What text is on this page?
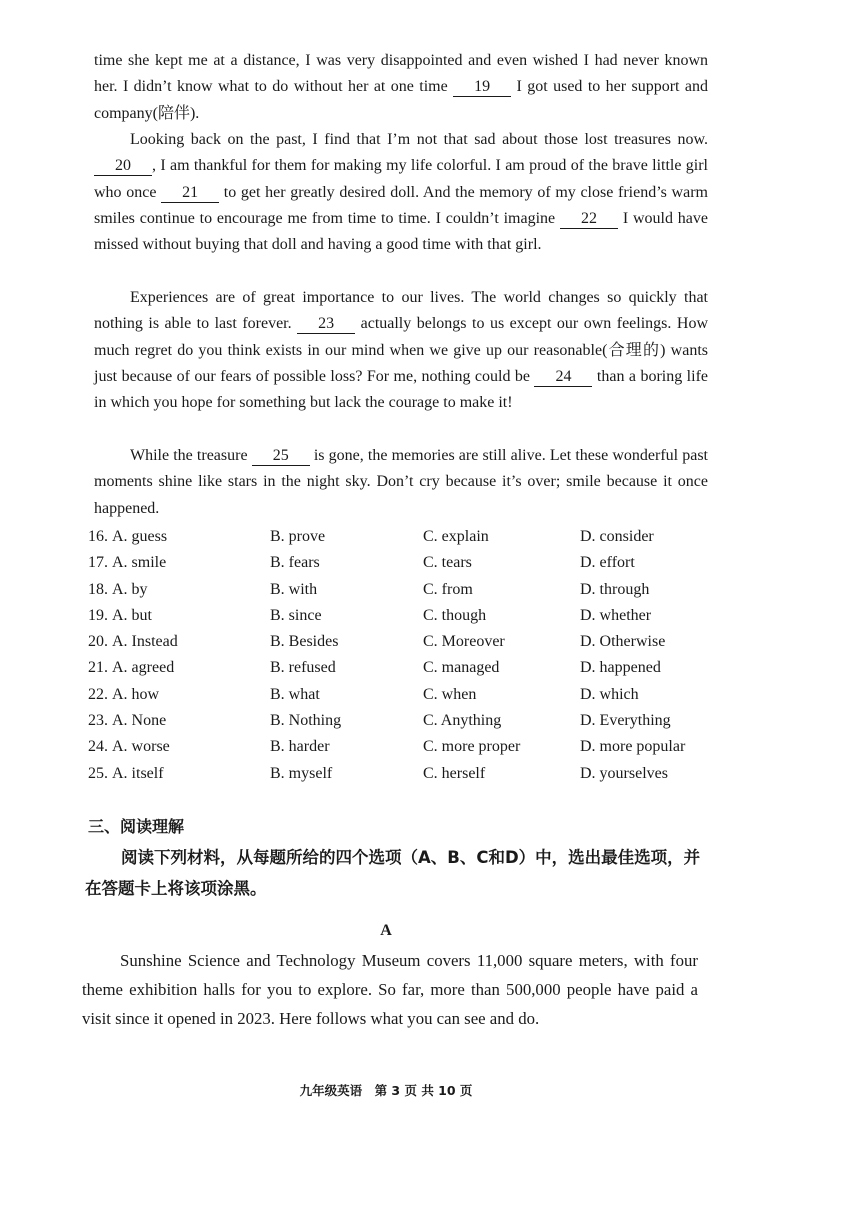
time she kept me at a distance, I was very disappointed and even wished I had never known her. I didn’t know what to do without her at one time 19 I got used to her support and company(陪伴).
Looking back on the past, I find that I’m not that sad about those lost treasures now. 20 , I am thankful for them for making my life colorful. I am proud of the brave little girl who once 21 to get her greatly desired doll. And the memory of my close friend’s warm smiles continue to encourage me from time to time. I couldn’t imagine 22 I would have missed without buying that doll and having a good time with that girl.
Experiences are of great importance to our lives. The world changes so quickly that nothing is able to last forever. 23 actually belongs to us except our own feelings. How much regret do you think exists in our mind when we give up our reasonable(合理的) wants just because of our fears of possible loss? For me, nothing could be 24 than a boring life in which you hope for something but lack the courage to make it!
While the treasure 25 is gone, the memories are still alive. Let these wonderful past moments shine like stars in the night sky. Don’t cry because it’s over; smile because it once happened.
16. A. guess	B. prove	C. explain	D. consider
17. A. smile	B. fears	C. tears	D. effort
18. A. by	B. with	C. from	D. through
19. A. but	B. since	C. though	D. whether
20. A. Instead	B. Besides	C. Moreover	D. Otherwise
21. A. agreed	B. refused	C. managed	D. happened
22. A. how	B. what	C. when	D. which
23. A. None	B. Nothing	C. Anything	D. Everything
24. A. worse	B. harder	C. more proper	D. more popular
25. A. itself	B. myself	C. herself	D. yourselves
三、阅读理解
阅读下列材料，从每题所给的四个选项（A、B、C和D）中，选出最佳选项，并在答题卡上将该项涂黑。
A
Sunshine Science and Technology Museum covers 11,000 square meters, with four theme exhibition halls for you to explore. So far, more than 500,000 people have paid a visit since it opened in 2023. Here follows what you can see and do.
九年级英语　第 3 页 共 10 页
